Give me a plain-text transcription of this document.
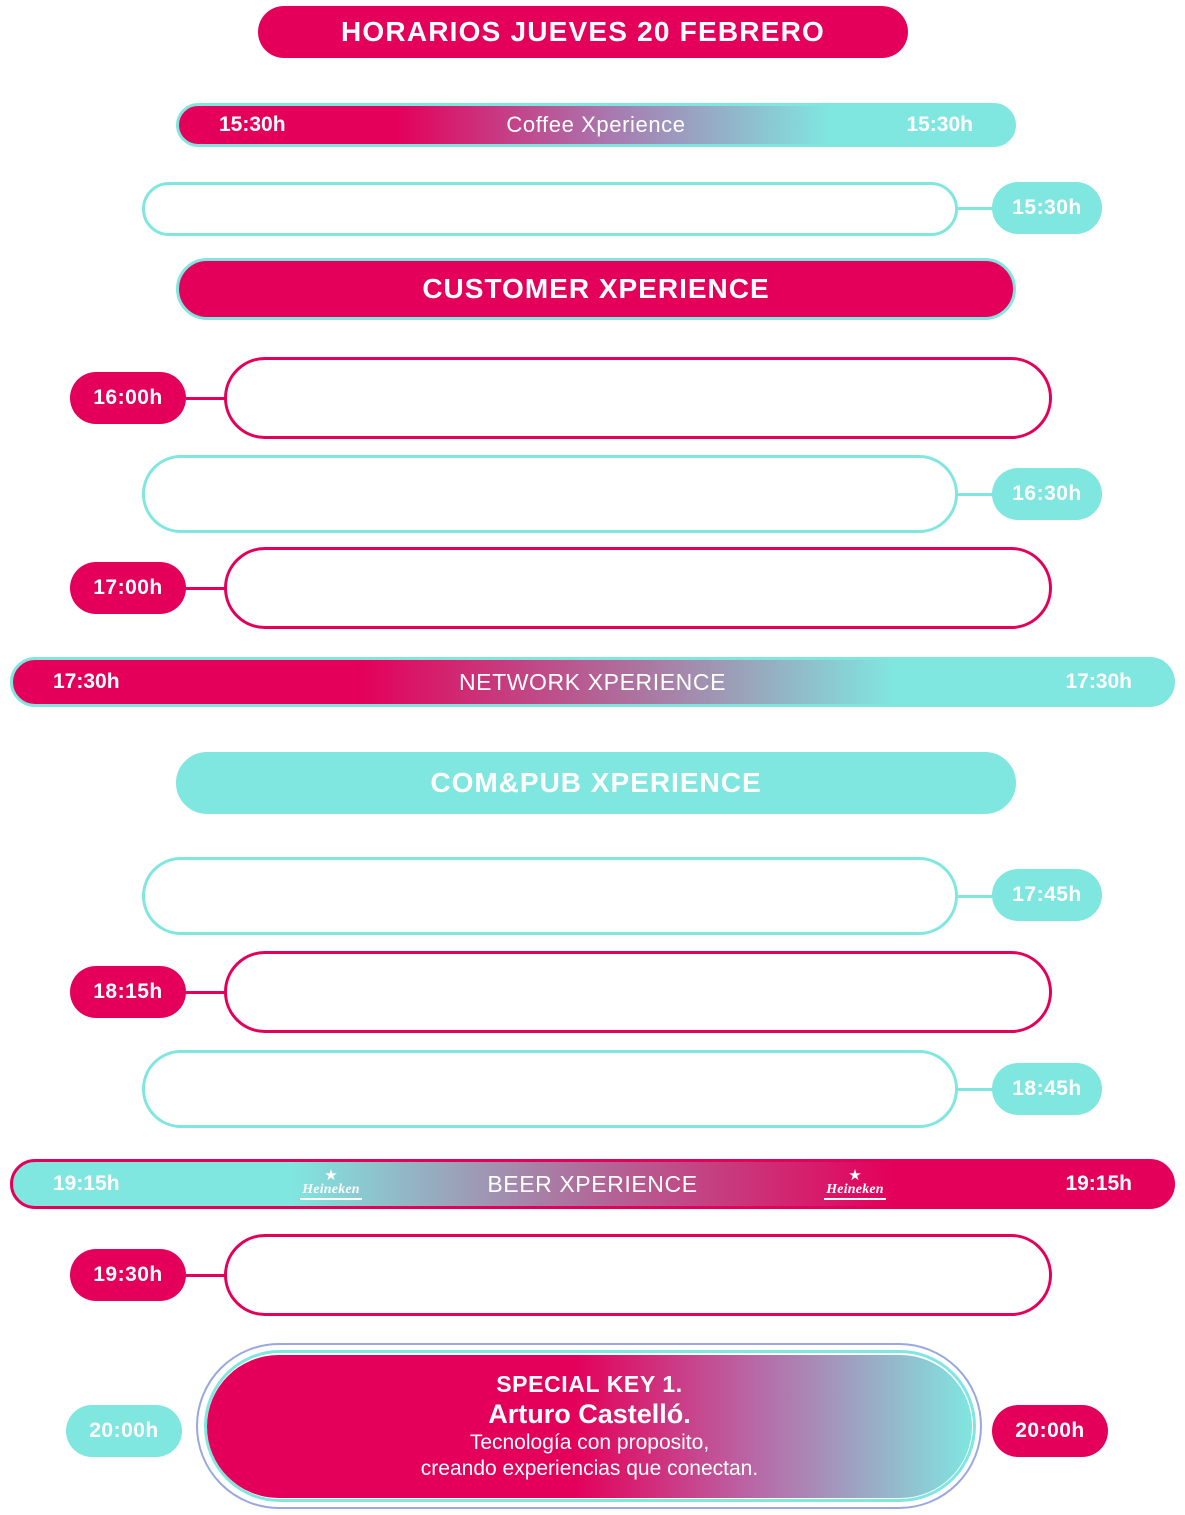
HORARIOS JUEVES 20 FEBRERO
15:30h	Coffee Xperience	15:30h
15:30h
CUSTOMER XPERIENCE
16:00h
16:30h
17:00h
17:30h	NETWORK XPERIENCE	17:30h
COM&PUB XPERIENCE
17:45h
18:15h
18:45h
19:15h	BEER XPERIENCE	19:15h
★
Heineken
★
Heineken
19:30h
SPECIAL KEY 1.
Arturo Castelló.
Tecnología con proposito,
creando experiencias que conectan.
20:00h	20:00h
